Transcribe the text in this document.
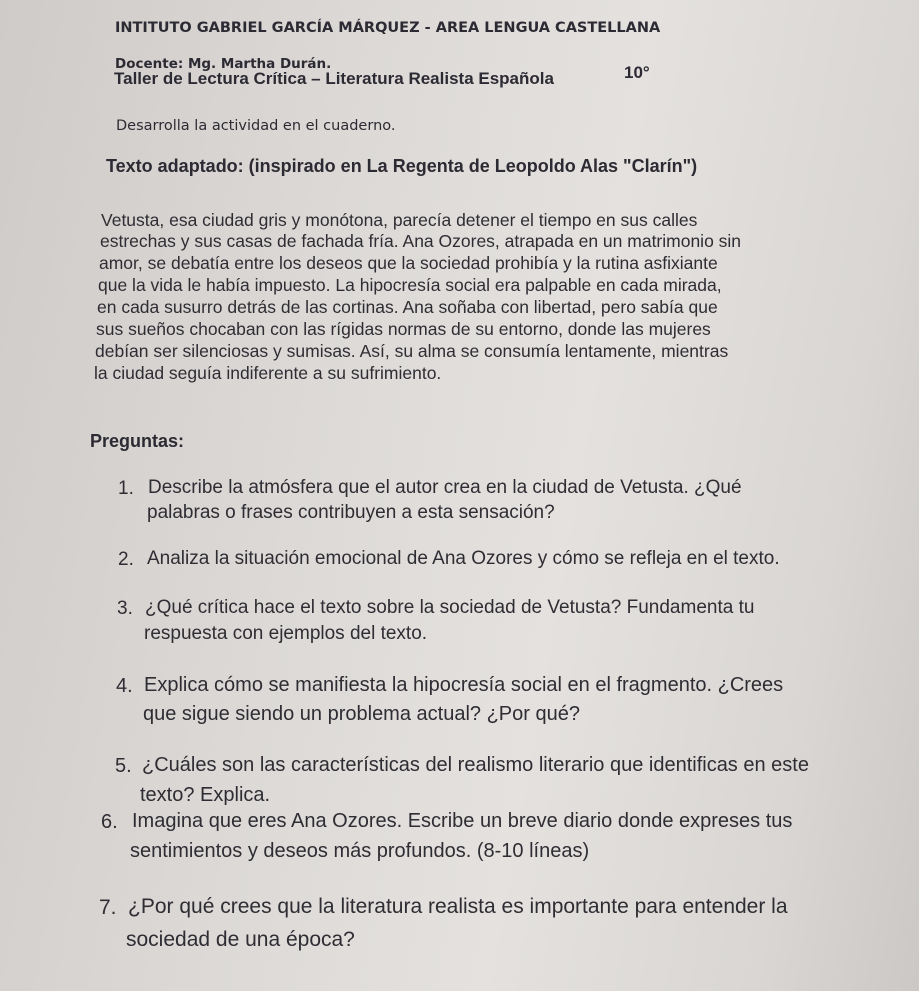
INTITUTO GABRIEL GARCÍA MÁRQUEZ - AREA LENGUA CASTELLANA
Docente: Mg. Martha Durán.
Taller de Lectura Crítica – Literatura Realista Española	10°
Desarrolla la actividad en el cuaderno.
Texto adaptado: (inspirado en La Regenta de Leopoldo Alas "Clarín")
Vetusta, esa ciudad gris y monótona, parecía detener el tiempo en sus calles
estrechas y sus casas de fachada fría. Ana Ozores, atrapada en un matrimonio sin
amor, se debatía entre los deseos que la sociedad prohibía y la rutina asfixiante
que la vida le había impuesto. La hipocresía social era palpable en cada mirada,
en cada susurro detrás de las cortinas. Ana soñaba con libertad, pero sabía que
sus sueños chocaban con las rígidas normas de su entorno, donde las mujeres
debían ser silenciosas y sumisas. Así, su alma se consumía lentamente, mientras
la ciudad seguía indiferente a su sufrimiento.
Preguntas:
1. Describe la atmósfera que el autor crea en la ciudad de Vetusta. ¿Qué
palabras o frases contribuyen a esta sensación?
2. Analiza la situación emocional de Ana Ozores y cómo se refleja en el texto.
3. ¿Qué crítica hace el texto sobre la sociedad de Vetusta? Fundamenta tu
respuesta con ejemplos del texto.
4. Explica cómo se manifiesta la hipocresía social en el fragmento. ¿Crees
que sigue siendo un problema actual? ¿Por qué?
5. ¿Cuáles son las características del realismo literario que identificas en este
texto? Explica.
6. Imagina que eres Ana Ozores. Escribe un breve diario donde expreses tus
sentimientos y deseos más profundos. (8-10 líneas)
7. ¿Por qué crees que la literatura realista es importante para entender la
sociedad de una época?
